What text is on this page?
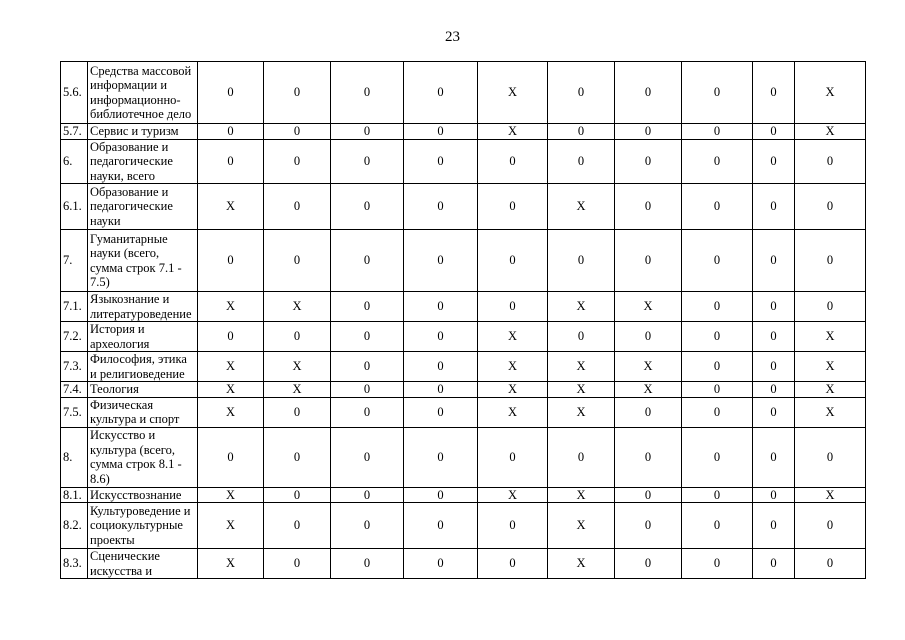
23
5.6.	Средства массовой
информации и
информационно-
библиотечное дело	0	0	0	0	X	0	0	0	0	X
5.7.	Сервис и туризм	0	0	0	0	X	0	0	0	0	X
6.	Образование и
педагогические
науки, всего	0	0	0	0	0	0	0	0	0	0
6.1.	Образование и
педагогические
науки	X	0	0	0	0	X	0	0	0	0
7.	Гуманитарные
науки (всего,
сумма строк 7.1 -
7.5)	0	0	0	0	0	0	0	0	0	0
7.1.	Языкознание и
литературоведение	X	X	0	0	0	X	X	0	0	0
7.2.	История и
археология	0	0	0	0	X	0	0	0	0	X
7.3.	Философия, этика
и религиоведение	X	X	0	0	X	X	X	0	0	X
7.4.	Теология	X	X	0	0	X	X	X	0	0	X
7.5.	Физическая
культура и спорт	X	0	0	0	X	X	0	0	0	X
8.	Искусство и
культура (всего,
сумма строк 8.1 -
8.6)	0	0	0	0	0	0	0	0	0	0
8.1.	Искусствознание	X	0	0	0	X	X	0	0	0	X
8.2.	Культуроведение и
социокультурные
проекты	X	0	0	0	0	X	0	0	0	0
8.3.	Сценические
искусства и	X	0	0	0	0	X	0	0	0	0
